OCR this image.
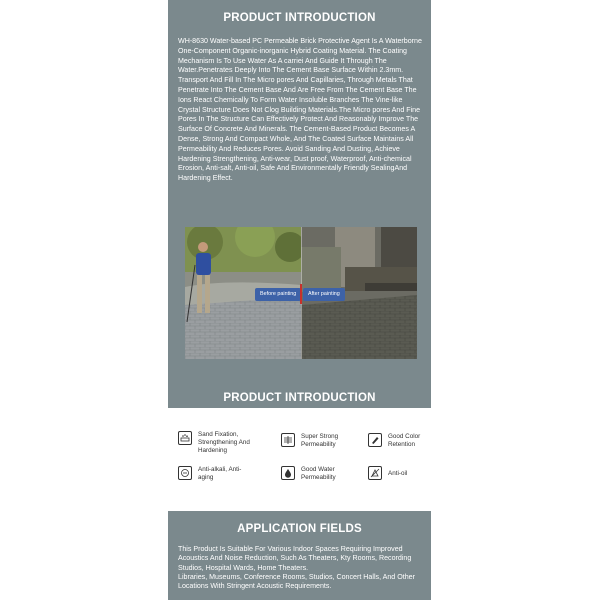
PRODUCT INTRODUCTION
WH-8630 Water-based PC Permeable Brick Protective Agent Is A Waterborne One-Component Organic-inorganic Hybrid Coating Material. The Coating Mechanism Is To Use Water As A carriei And Guide It Through The Water.Penetrates Deeply Into The Cement Base Surface Within 2.3mm. Transport And Fill In The Micro pores And Capillaries, Through Metals That Penetrate Into The Cement Base And Are Free From The Cement Base The Ions React Chemically To Form Water Insoluble Branches The Vine-like Crystal Structure Does Not Clog Building Materials.The Micro pores And Fine Pores In The Structure Can Effectively Protect And Reasonably Improve The Surface Of Concrete And Minerals. The Cement-Based Product Becomes A Dense, Strong And Compact Whole, And The Coated Surface Maintains All Permeability And Reduces Pores. Avoid Sanding And Dusting, Achieve Hardening Strengthening, Anti-wear, Dust proof, Waterproof, Anti-chemical Erosion, Anti-salt, Anti-oil, Safe And Environmentally Friendly SealingAnd Hardening Effect.
Before painting	After painting
PRODUCT INTRODUCTION
Sand Fixation, Strengthening And Hardening
Super Strong Permeability
Good Color Retention
Anti-alkali, Anti-aging
Good Water Permeability
Anti-oil
APPLICATION FIELDS
This Product Is Suitable For Various Indoor Spaces Requiring Improved Acoustics And Noise Reduction, Such As Theaters, Kty Rooms, Recording Studios, Hospital Wards, Home Theaters.
Libraries, Museums, Conference Rooms, Studios, Concert Halls, And Other Locations With Stringent Acoustic Requirements.
